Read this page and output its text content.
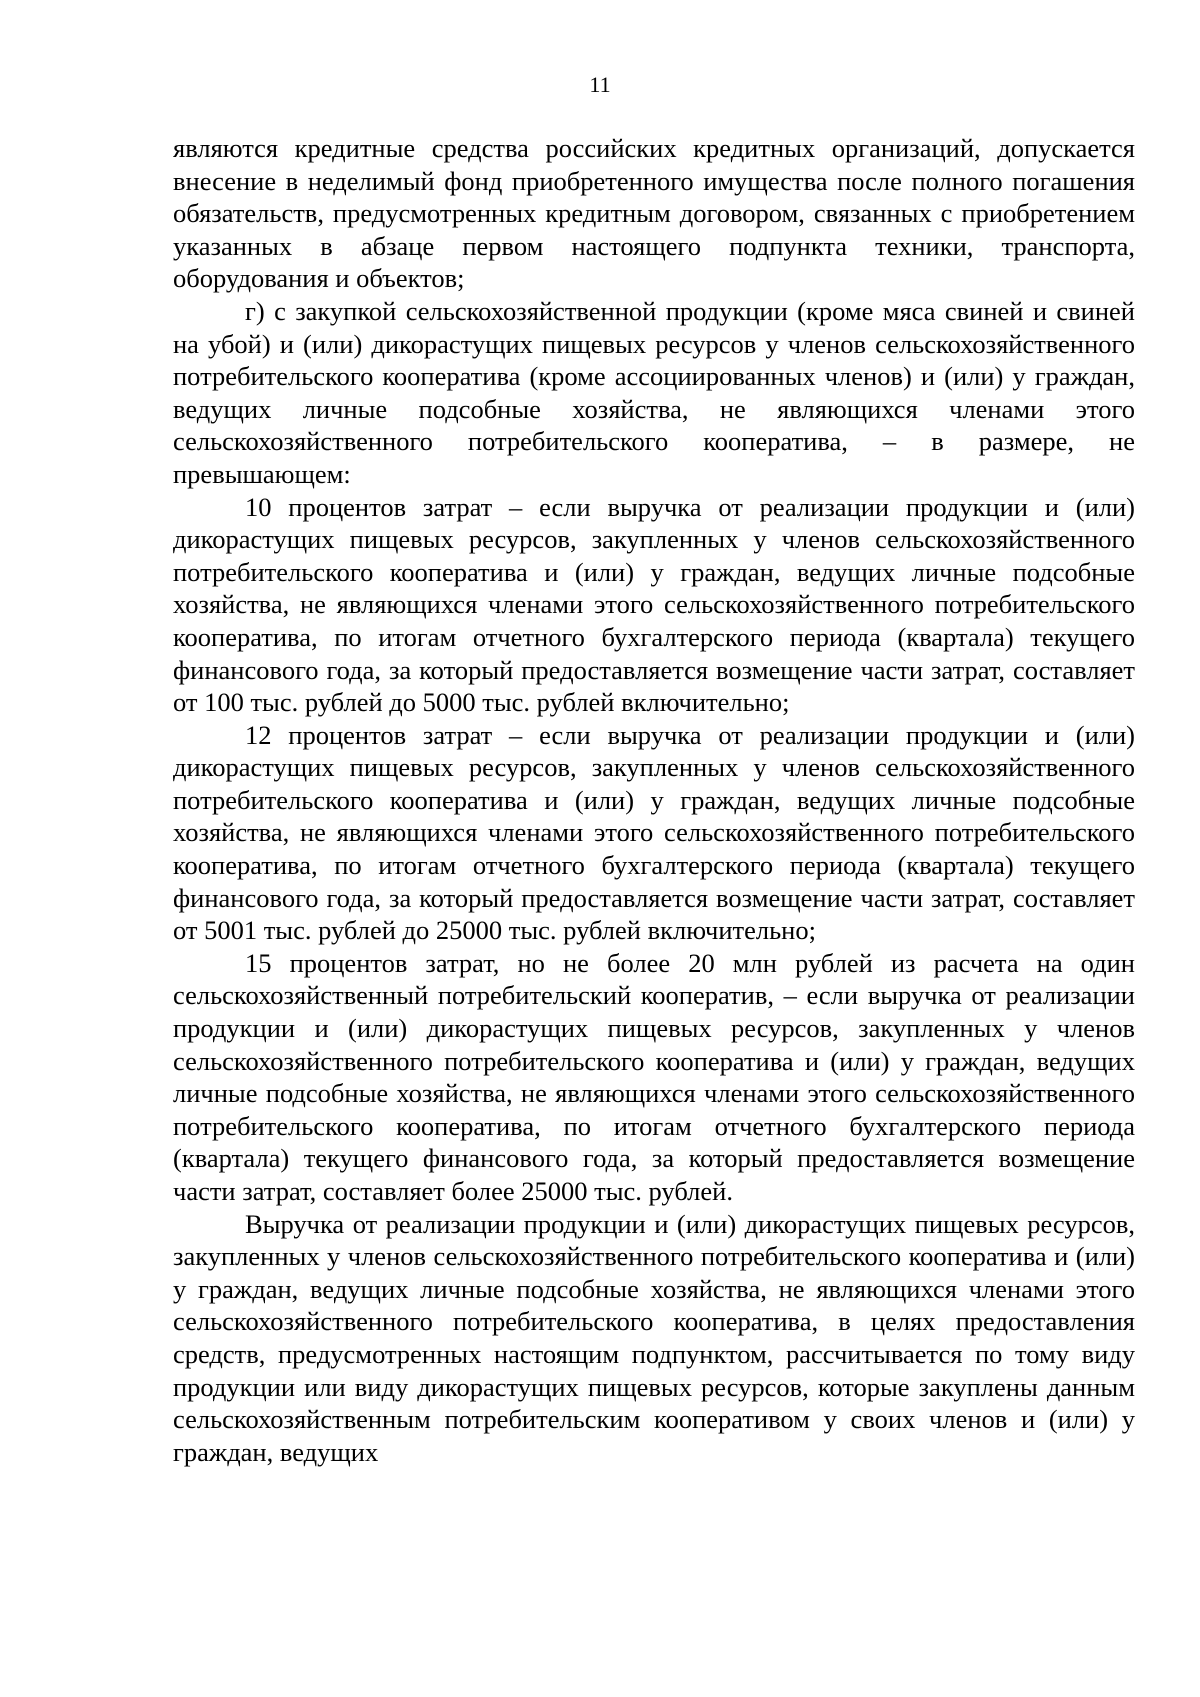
11

являются кредитные средства российских кредитных организаций, допускается внесение в неделимый фонд приобретенного имущества после полного погашения обязательств, предусмотренных кредитным договором, связанных с приобретением указанных в абзаце первом настоящего подпункта техники, транспорта, оборудования и объектов;

г) с закупкой сельскохозяйственной продукции (кроме мяса свиней и свиней на убой) и (или) дикорастущих пищевых ресурсов у членов сельскохозяйственного потребительского кооператива (кроме ассоциированных членов) и (или) у граждан, ведущих личные подсобные хозяйства, не являющихся членами этого сельскохозяйственного потребительского кооператива, – в размере, не превышающем:

10 процентов затрат – если выручка от реализации продукции и (или) дикорастущих пищевых ресурсов, закупленных у членов сельскохозяйственного потребительского кооператива и (или) у граждан, ведущих личные подсобные хозяйства, не являющихся членами этого сельскохозяйственного потребительского кооператива, по итогам отчетного бухгалтерского периода (квартала) текущего финансового года, за который предоставляется возмещение части затрат, составляет от 100 тыс. рублей до 5000 тыс. рублей включительно;

12 процентов затрат – если выручка от реализации продукции и (или) дикорастущих пищевых ресурсов, закупленных у членов сельскохозяйственного потребительского кооператива и (или) у граждан, ведущих личные подсобные хозяйства, не являющихся членами этого сельскохозяйственного потребительского кооператива, по итогам отчетного бухгалтерского периода (квартала) текущего финансового года, за который предоставляется возмещение части затрат, составляет от 5001 тыс. рублей до 25000 тыс. рублей включительно;

15 процентов затрат, но не более 20 млн рублей из расчета на один сельскохозяйственный потребительский кооператив, – если выручка от реализации продукции и (или) дикорастущих пищевых ресурсов, закупленных у членов сельскохозяйственного потребительского кооператива и (или) у граждан, ведущих личные подсобные хозяйства, не являющихся членами этого сельскохозяйственного потребительского кооператива, по итогам отчетного бухгалтерского периода (квартала) текущего финансового года, за который предоставляется возмещение части затрат, составляет более 25000 тыс. рублей.

Выручка от реализации продукции и (или) дикорастущих пищевых ресурсов, закупленных у членов сельскохозяйственного потребительского кооператива и (или) у граждан, ведущих личные подсобные хозяйства, не являющихся членами этого сельскохозяйственного потребительского кооператива, в целях предоставления средств, предусмотренных настоящим подпунктом, рассчитывается по тому виду продукции или виду дикорастущих пищевых ресурсов, которые закуплены данным сельскохозяйственным потребительским кооперативом у своих членов и (или) у граждан, ведущих
